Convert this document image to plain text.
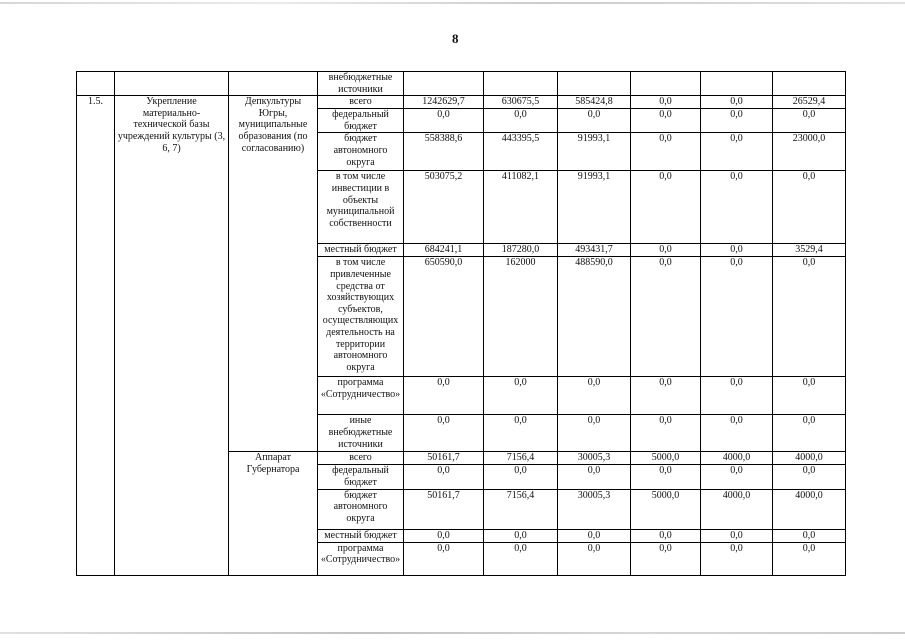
8
			внебюджетные источники						
1.5.	Укрепление материально-технической базы учреждений культуры (3, 6, 7)	Депкультуры Югры, муниципальные образования (по согласованию)	всего	1242629,7	630675,5	585424,8	0,0	0,0	26529,4
			федеральный бюджет	0,0	0,0	0,0	0,0	0,0	0,0
			бюджет автономного округа	558388,6	443395,5	91993,1	0,0	0,0	23000,0
			в том числе инвестиции в объекты муниципальной собственности	503075,2	411082,1	91993,1	0,0	0,0	0,0
			местный бюджет	684241,1	187280,0	493431,7	0,0	0,0	3529,4
			в том числе привлеченные средства от хозяйствующих субъектов, осуществляющих деятельность на территории автономного округа	650590,0	162000	488590,0	0,0	0,0	0,0
			программа «Сотрудничество»	0,0	0,0	0,0	0,0	0,0	0,0
			иные внебюджетные источники	0,0	0,0	0,0	0,0	0,0	0,0
		Аппарат Губернатора	всего	50161,7	7156,4	30005,3	5000,0	4000,0	4000,0
			федеральный бюджет	0,0	0,0	0,0	0,0	0,0	0,0
			бюджет автономного округа	50161,7	7156,4	30005,3	5000,0	4000,0	4000,0
			местный бюджет	0,0	0,0	0,0	0,0	0,0	0,0
			программа «Сотрудничество»	0,0	0,0	0,0	0,0	0,0	0,0
